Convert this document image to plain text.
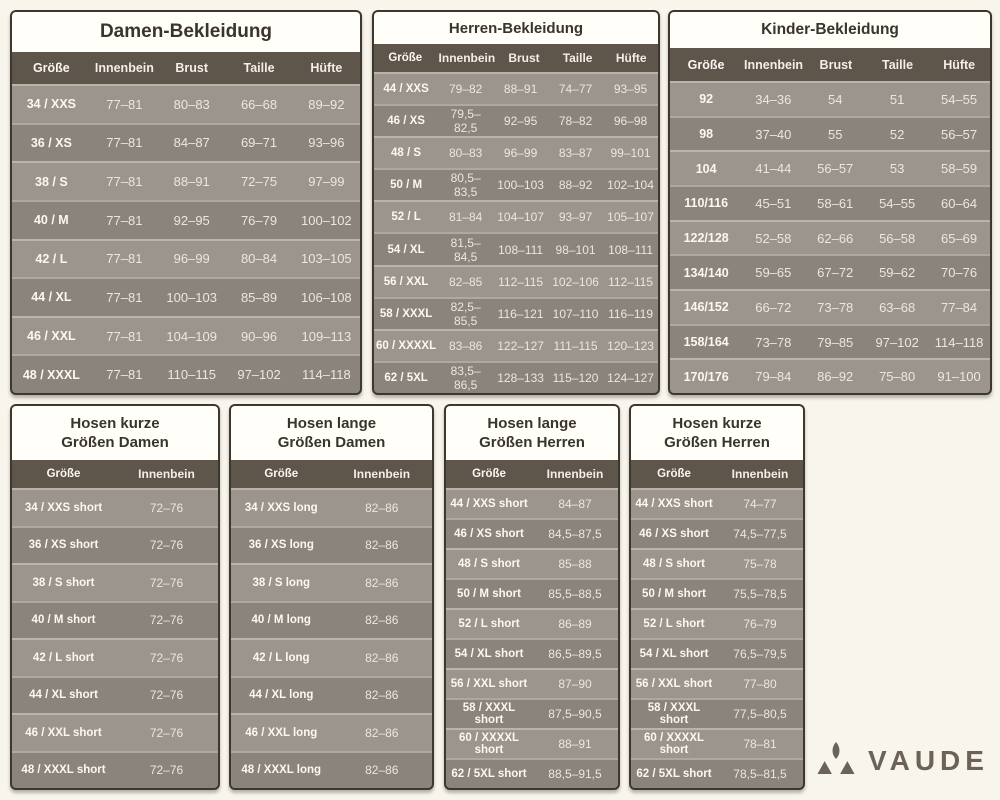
Damen-Bekleidung
Größe	Innenbein	Brust	Taille	Hüfte
34 / XXS	77–81	80–83	66–68	89–92
36 / XS	77–81	84–87	69–71	93–96
38 / S	77–81	88–91	72–75	97–99
40 / M	77–81	92–95	76–79	100–102
42 / L	77–81	96–99	80–84	103–105
44 / XL	77–81	100–103	85–89	106–108
46 / XXL	77–81	104–109	90–96	109–113
48 / XXXL	77–81	110–115	97–102	114–118
Herren-Bekleidung
Größe	Innenbein	Brust	Taille	Hüfte
44 / XXS	79–82	88–91	74–77	93–95
46 / XS	79,5–82,5	92–95	78–82	96–98
48 / S	80–83	96–99	83–87	99–101
50 / M	80,5–83,5	100–103	88–92	102–104
52 / L	81–84	104–107	93–97	105–107
54 / XL	81,5–84,5	108–111	98–101	108–111
56 / XXL	82–85	112–115 102–106 112–115
58 / XXXL	82,5–85,5	116–121 107–110 116–119
60 / XXXXL	83–86	122–127 111–115 120–123
62 / 5XL	83,5–86,5	128–133 115–120 124–127
Kinder-Bekleidung
Größe	Innenbein	Brust	Taille	Hüfte
92	34–36	54	51	54–55
98	37–40	55	52	56–57
104	41–44	56–57	53	58–59
110/116	45–51	58–61	54–55	60–64
122/128	52–58	62–66	56–58	65–69
134/140	59–65	67–72	59–62	70–76
146/152	66–72	73–78	63–68	77–84
158/164	73–78	79–85	97–102	114–118
170/176	79–84	86–92	75–80	91–100
Hosen kurze
Größen Damen
Größe	Innenbein
34 / XXS short	72–76
36 / XS short	72–76
38 / S short	72–76
40 / M short	72–76
42 / L short	72–76
44 / XL short	72–76
46 / XXL short	72–76
48 / XXXL short	72–76
Hosen lange
Größen Damen
Größe	Innenbein
34 / XXS long	82–86
36 / XS long	82–86
38 / S long	82–86
40 / M long	82–86
42 / L long	82–86
44 / XL long	82–86
46 / XXL long	82–86
48 / XXXL long	82–86
Hosen lange
Größen Herren
Größe	Innenbein
44 / XXS short	84–87
46 / XS short	84,5–87,5
48 / S short	85–88
50 / M short	85,5–88,5
52 / L short	86–89
54 / XL short	86,5–89,5
56 / XXL short	87–90
58 / XXXL short	87,5–90,5
60 / XXXXL short	88–91
62 / 5XL short	88,5–91,5
Hosen kurze
Größen Herren
Größe	Innenbein
44 / XXS short	74–77
46 / XS short	74,5–77,5
48 / S short	75–78
50 / M short	75,5–78,5
52 / L short	76–79
54 / XL short	76,5–79,5
56 / XXL short	77–80
58 / XXXL short	77,5–80,5
60 / XXXXL short	78–81
62 / 5XL short	78,5–81,5	VAUDE
